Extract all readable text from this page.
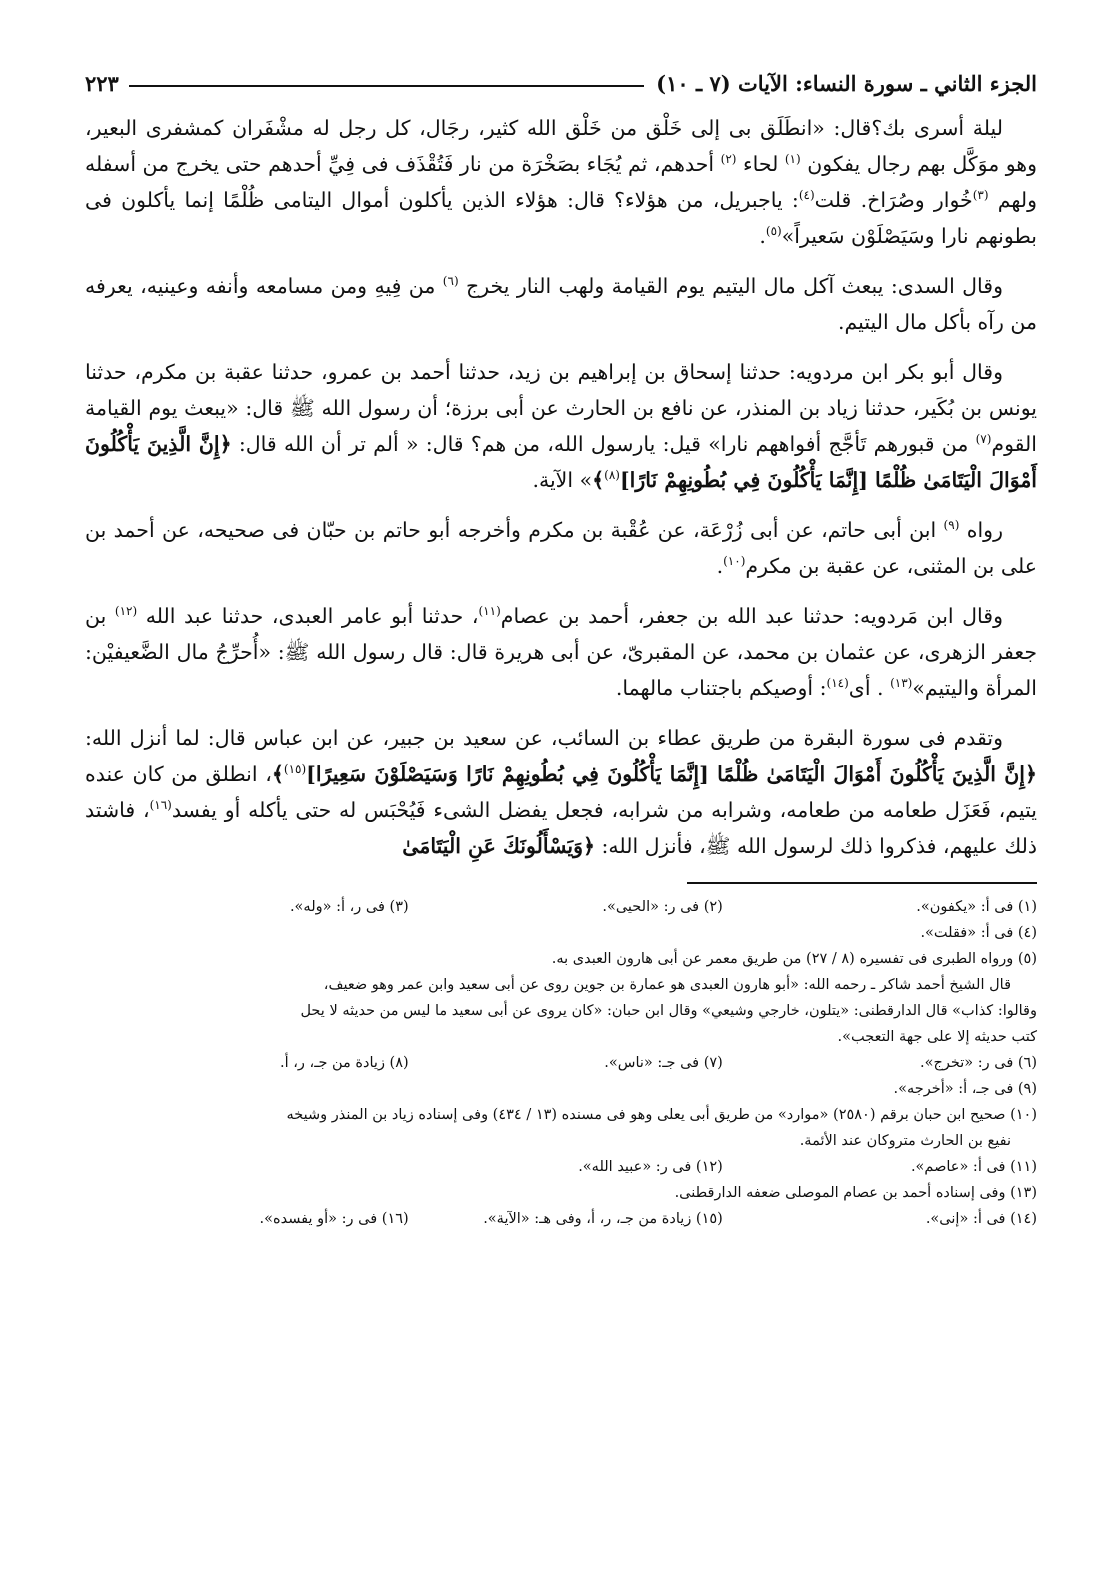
الجزء الثاني ـ سورة النساء: الآيات (٧ ـ ١٠)
٢٢٣

ليلة أسرى بك؟قال: «انطَلَق بى إلى خَلْق من خَلْق الله كثير، رجَال، كل رجل له مشْفَران كمشفرى البعير، وهو موَكَّل بهم رجال يفكون $^{(١)}$ لحاء $^{(٢)}$ أحدهم، ثم يُجَاء بصَخْرَة من نار فَتُقْذَف فى فِيِّ أحدهم حتى يخرج من أسفله ولهم $^{(٣)}$خُوار وصُرَاخ. قلت$^{(٤)}$: ياجبريل، من هؤلاء؟ قال: هؤلاء الذين يأكلون أموال اليتامى ظُلْمًا إنما يأكلون فى بطونهم نارا وسَيَصْلَوْن سَعيراً»$^{(٥)}$.

وقال السدى: يبعث آكل مال اليتيم يوم القيامة ولهب النار يخرج $^{(٦)}$ من فِيهِ ومن مسامعه وأنفه وعينيه، يعرفه من رآه بأكل مال اليتيم.

وقال أبو بكر ابن مردويه: حدثنا إسحاق بن إبراهيم بن زيد، حدثنا أحمد بن عمرو، حدثنا عقبة بن مكرم، حدثنا يونس بن بُكَير، حدثنا زياد بن المنذر، عن نافع بن الحارث عن أبى برزة؛ أن رسول الله ﷺ قال: «يبعث يوم القيامة القوم$^{(٧)}$ من قبورهم تَأجَّج أفواههم نارا» قيل: يارسول الله، من هم؟ قال: « ألم تر أن الله قال: ﴿إِنَّ الَّذِينَ يَأْكُلُونَ أَمْوَالَ الْيَتَامَىٰ ظُلْمًا [إِنَّمَا يَأْكُلُونَ فِي بُطُونِهِمْ نَارًا]$^{(٨)}$﴾» الآية.

رواه $^{(٩)}$ ابن أبى حاتم، عن أبى زُرْعَة، عن عُقْبة بن مكرم وأخرجه أبو حاتم بن حبّان فى صحيحه، عن أحمد بن على بن المثنى، عن عقبة بن مكرم$^{(١٠)}$.

وقال ابن مَردويه: حدثنا عبد الله بن جعفر، أحمد بن عصام$^{(١١)}$، حدثنا أبو عامر العبدى، حدثنا عبد الله $^{(١٢)}$ بن جعفر الزهرى، عن عثمان بن محمد، عن المقبرىّ، عن أبى هريرة قال: قال رسول الله ﷺ: «أُحرِّجُ مال الضَّعيفيْن: المرأة واليتيم»$^{(١٣)}$ . أى$^{(١٤)}$: أوصيكم باجتناب مالهما.

وتقدم فى سورة البقرة من طريق عطاء بن السائب، عن سعيد بن جبير، عن ابن عباس قال: لما أنزل الله: ﴿إِنَّ الَّذِينَ يَأْكُلُونَ أَمْوَالَ الْيَتَامَىٰ ظُلْمًا [إِنَّمَا يَأْكُلُونَ فِي بُطُونِهِمْ نَارًا وَسَيَصْلَوْنَ سَعِيرًا]$^{(١٥)}$﴾، انطلق من كان عنده يتيم، فَعَزَل طعامه من طعامه، وشرابه من شرابه، فجعل يفضل الشىء فَيُحْبَس له حتى يأكله أو يفسد$^{(١٦)}$، فاشتد ذلك عليهم، فذكروا ذلك لرسول الله ﷺ، فأنزل الله: ﴿وَيَسْأَلُونَكَ عَنِ الْيَتَامَىٰ

(١) فى أ: «يكفون».
(٢) فى ر: «الحيى».
(٣) فى ر، أ: «وله».
(٤) فى أ: «فقلت».
(٥) ورواه الطبرى فى تفسيره (٨ / ٢٧) من طريق معمر عن أبى هارون العبدى به.
قال الشيخ أحمد شاكر ـ رحمه الله: «أبو هارون العبدى هو عمارة بن جوين روى عن أبى سعيد وابن عمر وهو ضعيف،
وقالوا: كذاب» قال الدارقطنى: «يتلون، خارجي وشيعي» وقال ابن حبان: «كان يروى عن أبى سعيد ما ليس من حديثه لا يحل
كتب حديثه إلا على جهة التعجب».
(٦) فى ر: «تخرج».
(٧) فى جـ: «ناس».
(٨) زيادة من جـ، ر، أ.
(٩) فى جـ، أ: «أخرجه».
(١٠) صحيح ابن حبان برقم (٢٥٨٠) «موارد» من طريق أبى يعلى وهو فى مسنده (١٣ / ٤٣٤) وفى إسناده زياد بن المنذر وشيخه
نفيع بن الحارث متروكان عند الأئمة.
(١١) فى أ: «عاصم».
(١٢) فى ر: «عبيد الله».
(١٣) وفى إسناده أحمد بن عصام الموصلى ضعفه الدارقطنى.
(١٤) فى أ: «إنى».
(١٥) زيادة من جـ، ر، أ، وفى هـ: «الآية».
(١٦) فى ر: «أو يفسده».
